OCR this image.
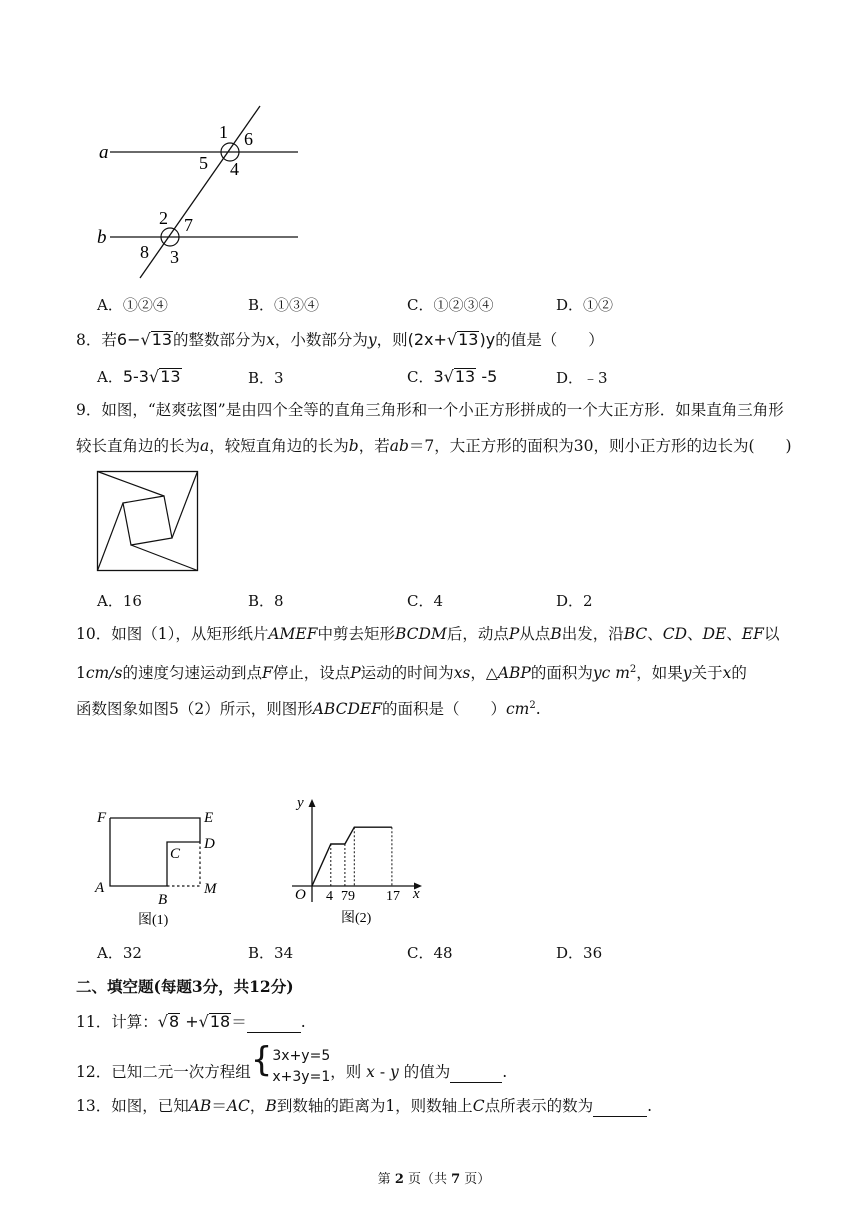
a
b
1 6
5 4
2 7
8 3
A．①②④	B．①③④	C．①②③④	D．①②
8．若6−√13的整数部分为x，小数部分为y，则(2x+√13)y的值是（　　）
A．5-3√13	B．3	C．3√13 -5	D．﹣3
9．如图，“赵爽弦图”是由四个全等的直角三角形和一个小正方形拼成的一个大正方形．如果直角三角形
较长直角边的长为a，较短直角边的长为b，若ab＝7，大正方形的面积为30，则小正方形的边长为(　　)
A．16	B．8	C．4	D．2
10．如图（1），从矩形纸片AMEF中剪去矩形BCDM后，动点P从点B出发，沿BC、CD、DE、EF以
1cm/s的速度匀速运动到点F停止，设点P运动的时间为xs，△ABP的面积为yc $m^2$，如果y关于x的
函数图象如图5（2）所示，则图形ABCDEF的面积是（　　）$cm^2$.
F	E
D
C
A
B
M
图(1)
y
O 4 79 17 x
图(2)
A．32	B．34	C．48	D．36
二、填空题(每题3分，共12分)
11．计算：√8 +√18＝	.
12．已知二元一次方程组{ 3x+y=5
x+3y=1 ，则 x - y 的值为	.
13．如图，已知AB＝AC，B到数轴的距离为1，则数轴上C点所表示的数为	.
第 2 页（共 7 页）
